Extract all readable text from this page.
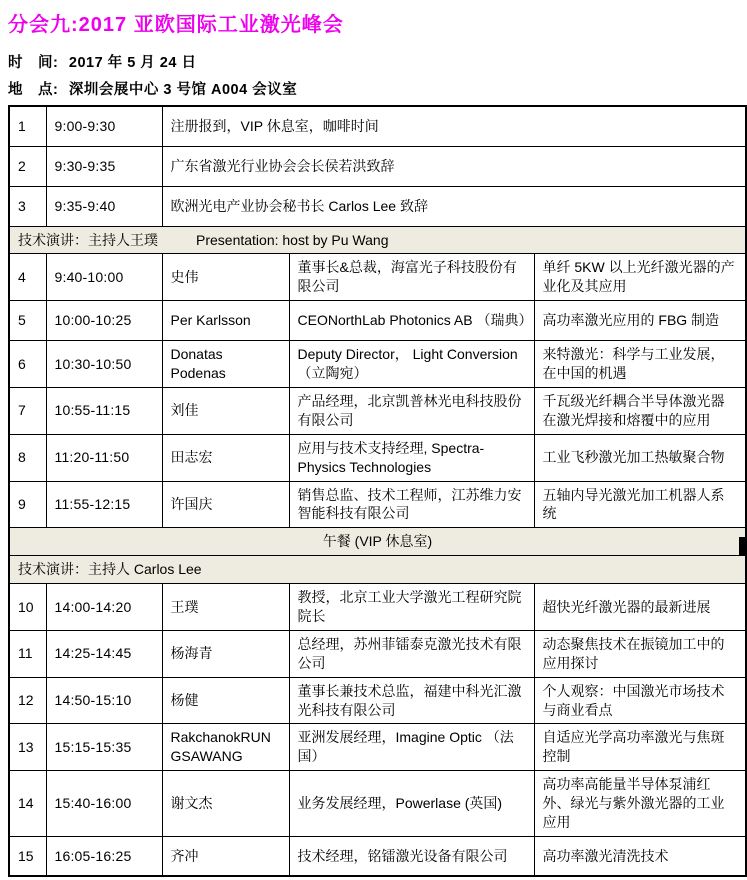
分会九:2017 亚欧国际工业激光峰会
时　间: 2017 年 5 月 24 日
地　点: 深圳会展中心 3 号馆 A004 会议室
1	9:00-9:30	注册报到，VIP 休息室，咖啡时间		
2	9:30-9:35	广东省激光行业协会会长侯若洪致辞		
3	9:35-9:40	欧洲光电产业协会秘书长 Carlos Lee 致辞		
技术演讲：主持人王璞 Presentation: host by Pu Wang				
4	9:40-10:00	史伟	董事长&总裁，海富光子科技股份有限公司	单纤 5KW 以上光纤激光器的产业化及其应用
5	10:00-10:25	Per Karlsson	CEONorthLab Photonics AB （瑞典）	高功率激光应用的 FBG 制造
6	10:30-10:50	Donatas Podenas	Deputy Director， Light Conversion（立陶宛）	来特激光：科学与工业发展，在中国的机遇
7	10:55-11:15	刘佳	产品经理，北京凯普林光电科技股份有限公司	千瓦级光纤耦合半导体激光器在激光焊接和熔覆中的应用
8	11:20-11:50	田志宏	应用与技术支持经理, Spectra-Physics Technologies	工业飞秒激光加工热敏聚合物
9	11:55-12:15	许国庆	销售总监、技术工程师，江苏维力安智能科技有限公司	五轴内导光激光加工机器人系统
午餐 (VIP 休息室)				
技术演讲：主持人 Carlos Lee				
10	14:00-14:20	王璞	教授，北京工业大学激光工程研究院院长	超快光纤激光器的最新进展
11	14:25-14:45	杨海青	总经理，苏州菲镭泰克激光技术有限公司	动态聚焦技术在振镜加工中的应用探讨
12	14:50-15:10	杨健	董事长兼技术总监，福建中科光汇激光科技有限公司	个人观察：中国激光市场技术与商业看点
13	15:15-15:35	RakchanokRUNGSAWANG	亚洲发展经理，Imagine Optic （法国）	自适应光学高功率激光与焦斑控制
14	15:40-16:00	谢文杰	业务发展经理，Powerlase (英国)	高功率高能量半导体泵浦红外、绿光与紫外激光器的工业应用
15	16:05-16:25	齐冲	技术经理，铭镭激光设备有限公司	高功率激光清洗技术
